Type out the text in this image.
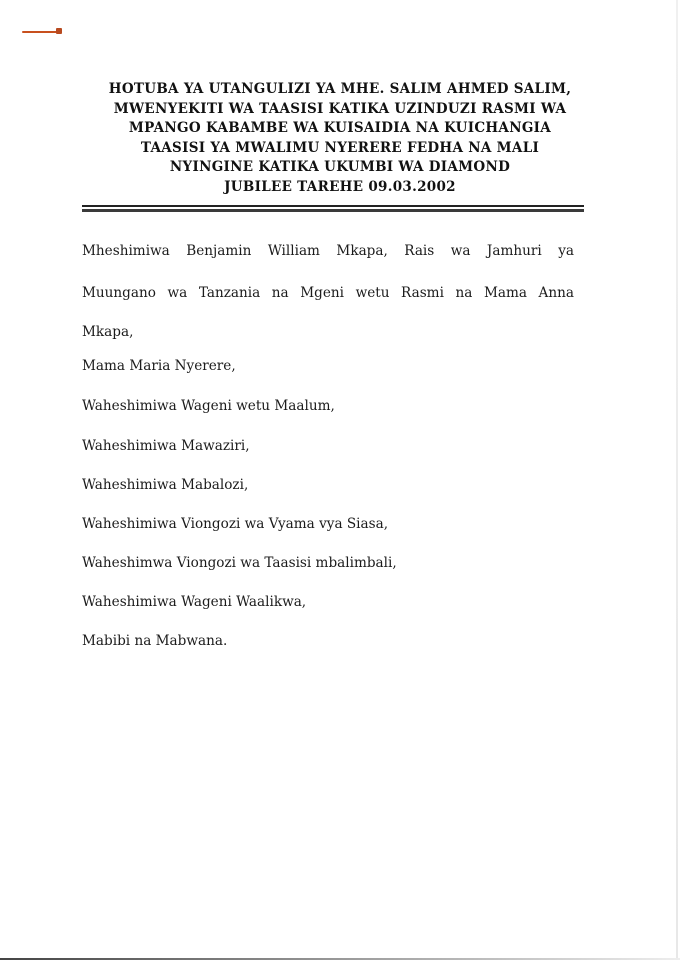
HOTUBA YA UTANGULIZI YA MHE. SALIM AHMED SALIM,
MWENYEKITI WA TAASISI KATIKA UZINDUZI RASMI WA
MPANGO KABAMBE WA KUISAIDIA NA KUICHANGIA
TAASISI YA MWALIMU NYERERE FEDHA NA MALI
NYINGINE KATIKA UKUMBI WA DIAMOND
JUBILEE TAREHE 09.03.2002
Mheshimiwa Benjamin William Mkapa, Rais wa Jamhuri ya
Muungano wa Tanzania na Mgeni wetu Rasmi na Mama Anna
Mkapa,
Mama Maria Nyerere,
Waheshimiwa Wageni wetu Maalum,
Waheshimiwa Mawaziri,
Waheshimiwa Mabalozi,
Waheshimiwa Viongozi wa Vyama vya Siasa,
Waheshimwa Viongozi wa Taasisi mbalimbali,
Waheshimiwa Wageni Waalikwa,
Mabibi na Mabwana.
